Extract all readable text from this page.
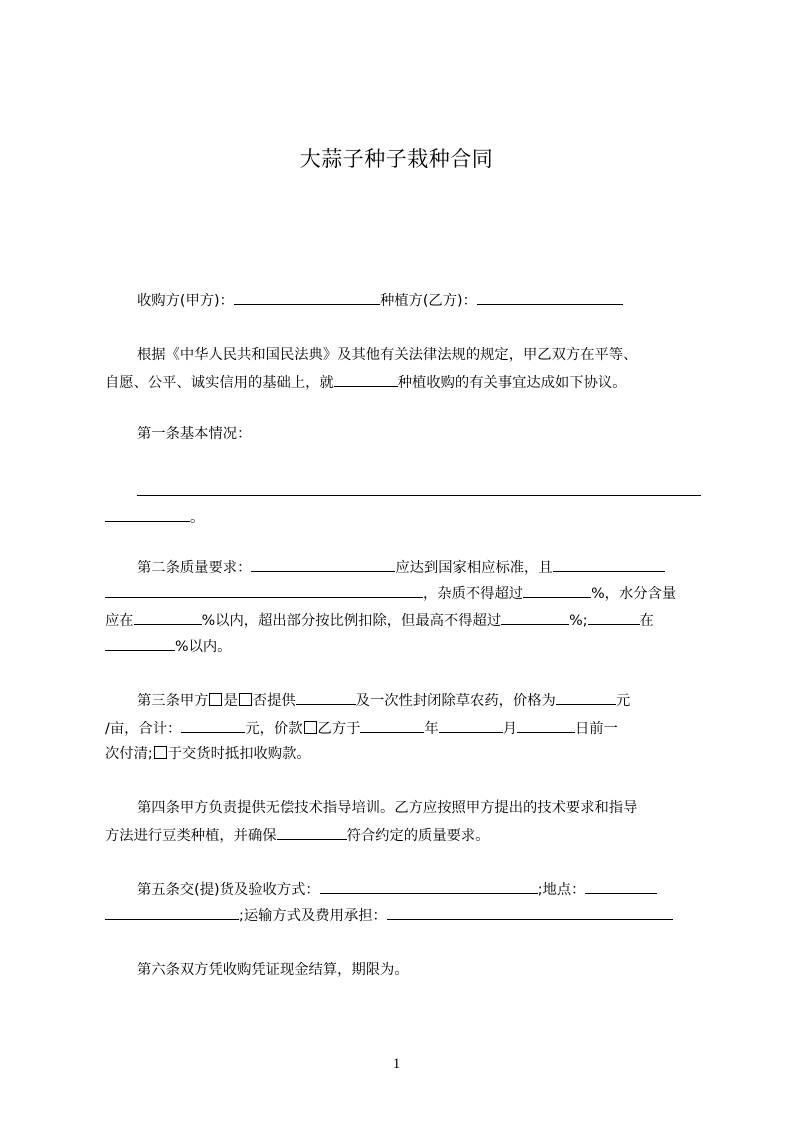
大蒜子种子栽种合同
收购方(甲方)：	种植方(乙方)：
根据《中华人民共和国民法典》及其他有关法律法规的规定，甲乙双方在平等、
自愿、公平、诚实信用的基础上，就	种植收购的有关事宜达成如下协议。
第一条基本情况：
。
第二条质量要求：	应达到国家相应标准，且
，杂质不得超过	%，水分含量
应在	%以内，超出部分按比例扣除，但最高不得超过	%;	在
%以内。
第三条甲方 是 否提供	及一次性封闭除草农药，价格为	元
/亩，合计：	元，价款 乙方于	年	月	日前一
次付清; 于交货时抵扣收购款。
第四条甲方负责提供无偿技术指导培训。乙方应按照甲方提出的技术要求和指导
方法进行豆类种植，并确保	符合约定的质量要求。
第五条交(提)货及验收方式：	;地点：
;运输方式及费用承担：
第六条双方凭收购凭证现金结算，期限为。
1
